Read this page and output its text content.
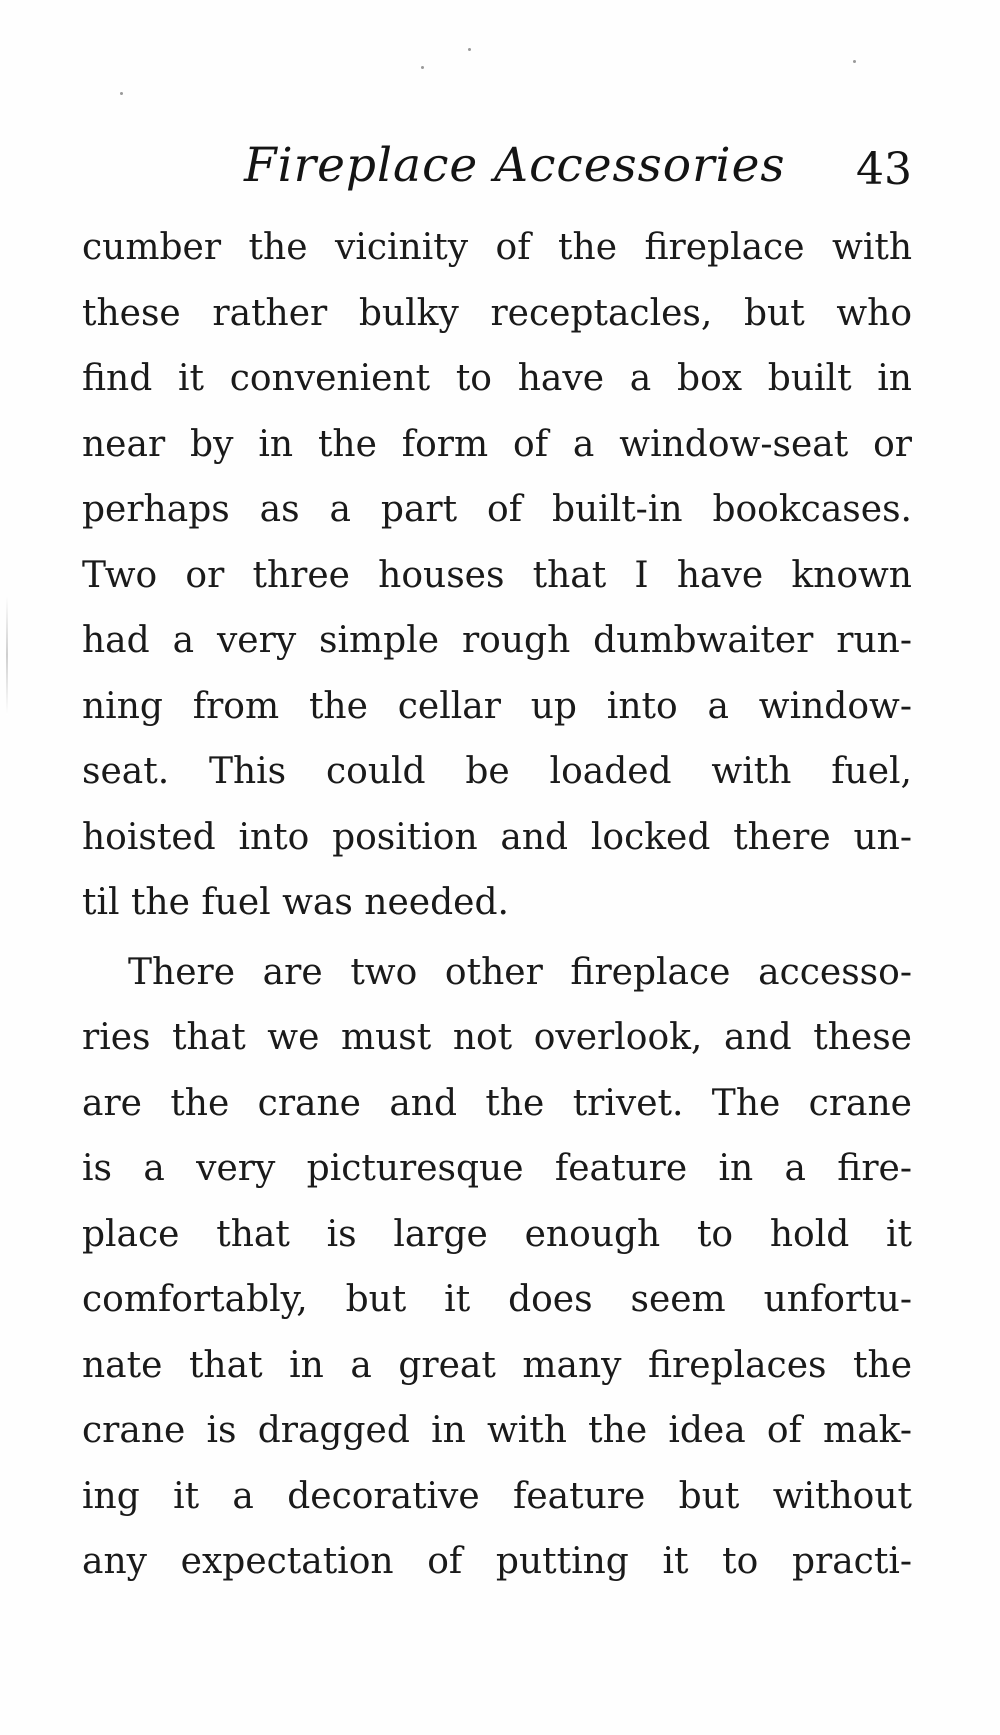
Fireplace Accessories 43
cumber the vicinity of the fireplace with
these rather bulky receptacles, but who
find it convenient to have a box built in
near by in the form of a window-seat or
perhaps as a part of built-in bookcases.
Two or three houses that I have known
had a very simple rough dumbwaiter run-
ning from the cellar up into a window-
seat. This could be loaded with fuel,
hoisted into position and locked there un-
til the fuel was needed.
There are two other fireplace accesso-
ries that we must not overlook, and these
are the crane and the trivet. The crane
is a very picturesque feature in a fire-
place that is large enough to hold it
comfortably, but it does seem unfortu-
nate that in a great many fireplaces the
crane is dragged in with the idea of mak-
ing it a decorative feature but without
any expectation of putting it to practi-
